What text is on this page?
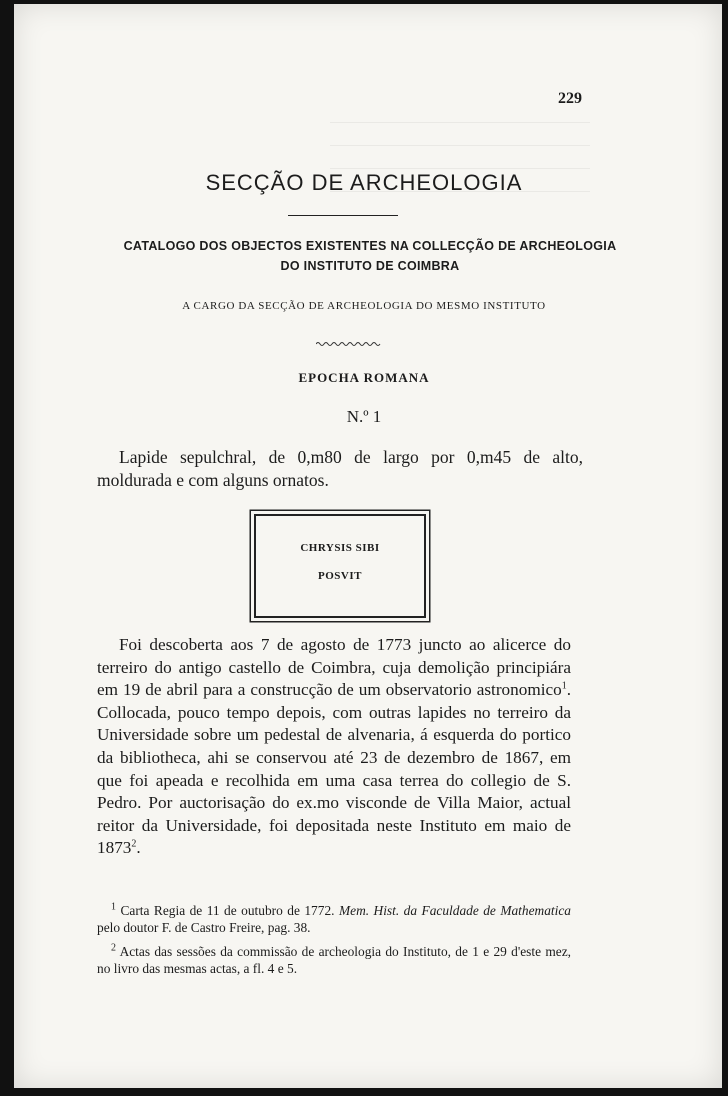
229
SECÇÃO DE ARCHEOLOGIA
CATALOGO DOS OBJECTOS EXISTENTES NA COLLECÇÃO DE ARCHEOLOGIA
DO INSTITUTO DE COIMBRA
A CARGO DA SECÇÃO DE ARCHEOLOGIA DO MESMO INSTITUTO
EPOCHA ROMANA
N.º 1
Lapide sepulchral, de 0,m80 de largo por 0,m45 de alto, moldurada e com alguns ornatos.
CHRYSIS SIBI
POSVIT
Foi descoberta aos 7 de agosto de 1773 juncto ao alicerce do terreiro do antigo castello de Coimbra, cuja demolição principiára em 19 de abril para a construcção de um observatorio astronomico$^1$. Collocada, pouco tempo depois, com outras lapides no terreiro da Universidade sobre um pedestal de alvenaria, á esquerda do portico da bibliotheca, ahi se conservou até 23 de dezembro de 1867, em que foi apeada e recolhida em uma casa terrea do collegio de S. Pedro. Por auctorisação do ex.mo visconde de Villa Maior, actual reitor da Universidade, foi depositada neste Instituto em maio de 1873$^2$.
$^1$ Carta Regia de 11 de outubro de 1772. Mem. Hist. da Faculdade de Mathematica pelo doutor F. de Castro Freire, pag. 38.
$^2$ Actas das sessões da commissão de archeologia do Instituto, de 1 e 29 d'este mez, no livro das mesmas actas, a fl. 4 e 5.
